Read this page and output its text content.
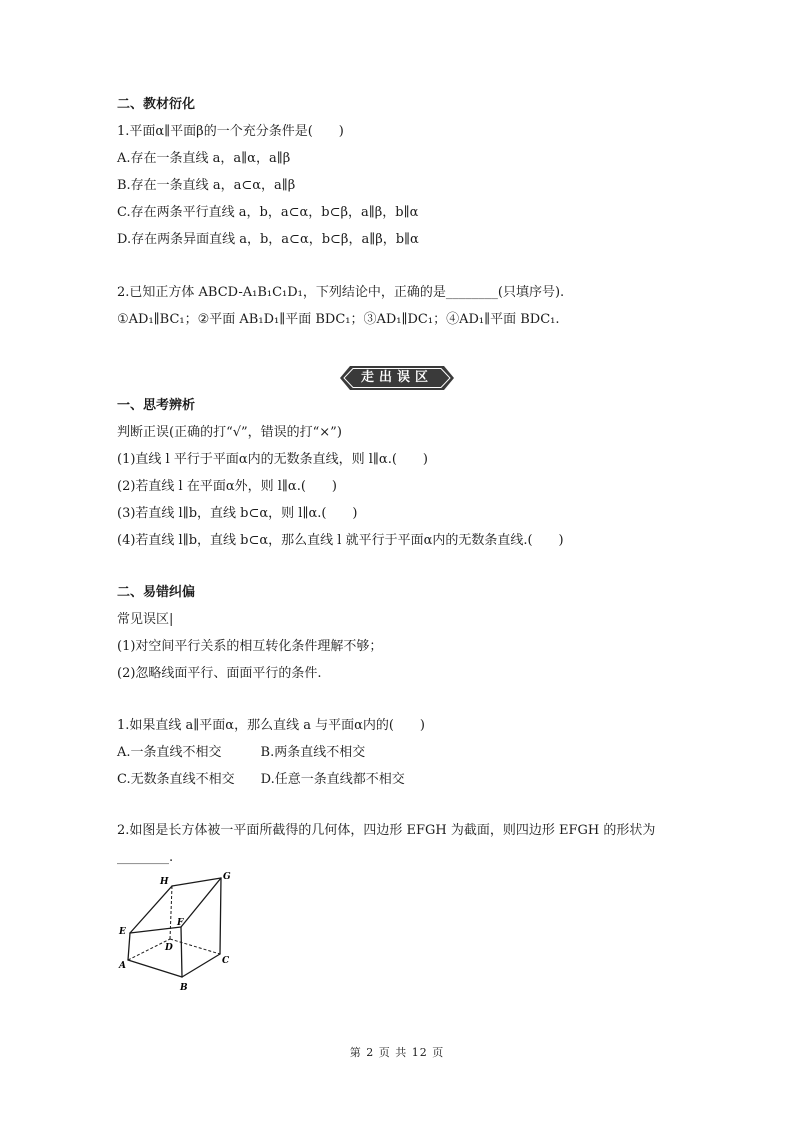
二、教材衍化
1.平面α∥平面β的一个充分条件是(　　)
A.存在一条直线 a，a∥α，a∥β
B.存在一条直线 a，a⊂α，a∥β
C.存在两条平行直线 a，b，a⊂α，b⊂β，a∥β，b∥α
D.存在两条异面直线 a，b，a⊂α，b⊂β，a∥β，b∥α
2.已知正方体 ABCD-A₁B₁C₁D₁，下列结论中，正确的是________(只填序号).
①AD₁∥BC₁；②平面 AB₁D₁∥平面 BDC₁；③AD₁∥DC₁；④AD₁∥平面 BDC₁.
走出误区
一、思考辨析
判断正误(正确的打“√”，错误的打“×”)
(1)直线 l 平行于平面α内的无数条直线，则 l∥α.(　　)
(2)若直线 l 在平面α外，则 l∥α.(　　)
(3)若直线 l∥b，直线 b⊂α，则 l∥α.(　　)
(4)若直线 l∥b，直线 b⊂α，那么直线 l 就平行于平面α内的无数条直线.(　　)
二、易错纠偏
常见误区|
(1)对空间平行关系的相互转化条件理解不够；
(2)忽略线面平行、面面平行的条件.
1.如果直线 a∥平面α，那么直线 a 与平面α内的(　　)
A.一条直线不相交　　　B.两条直线不相交
C.无数条直线不相交　　D.任意一条直线都不相交
2.如图是长方体被一平面所截得的几何体，四边形 EFGH 为截面，则四边形 EFGH 的形状为
________.
H	G
F
E
D
A	C
B
第 2 页 共 12 页
